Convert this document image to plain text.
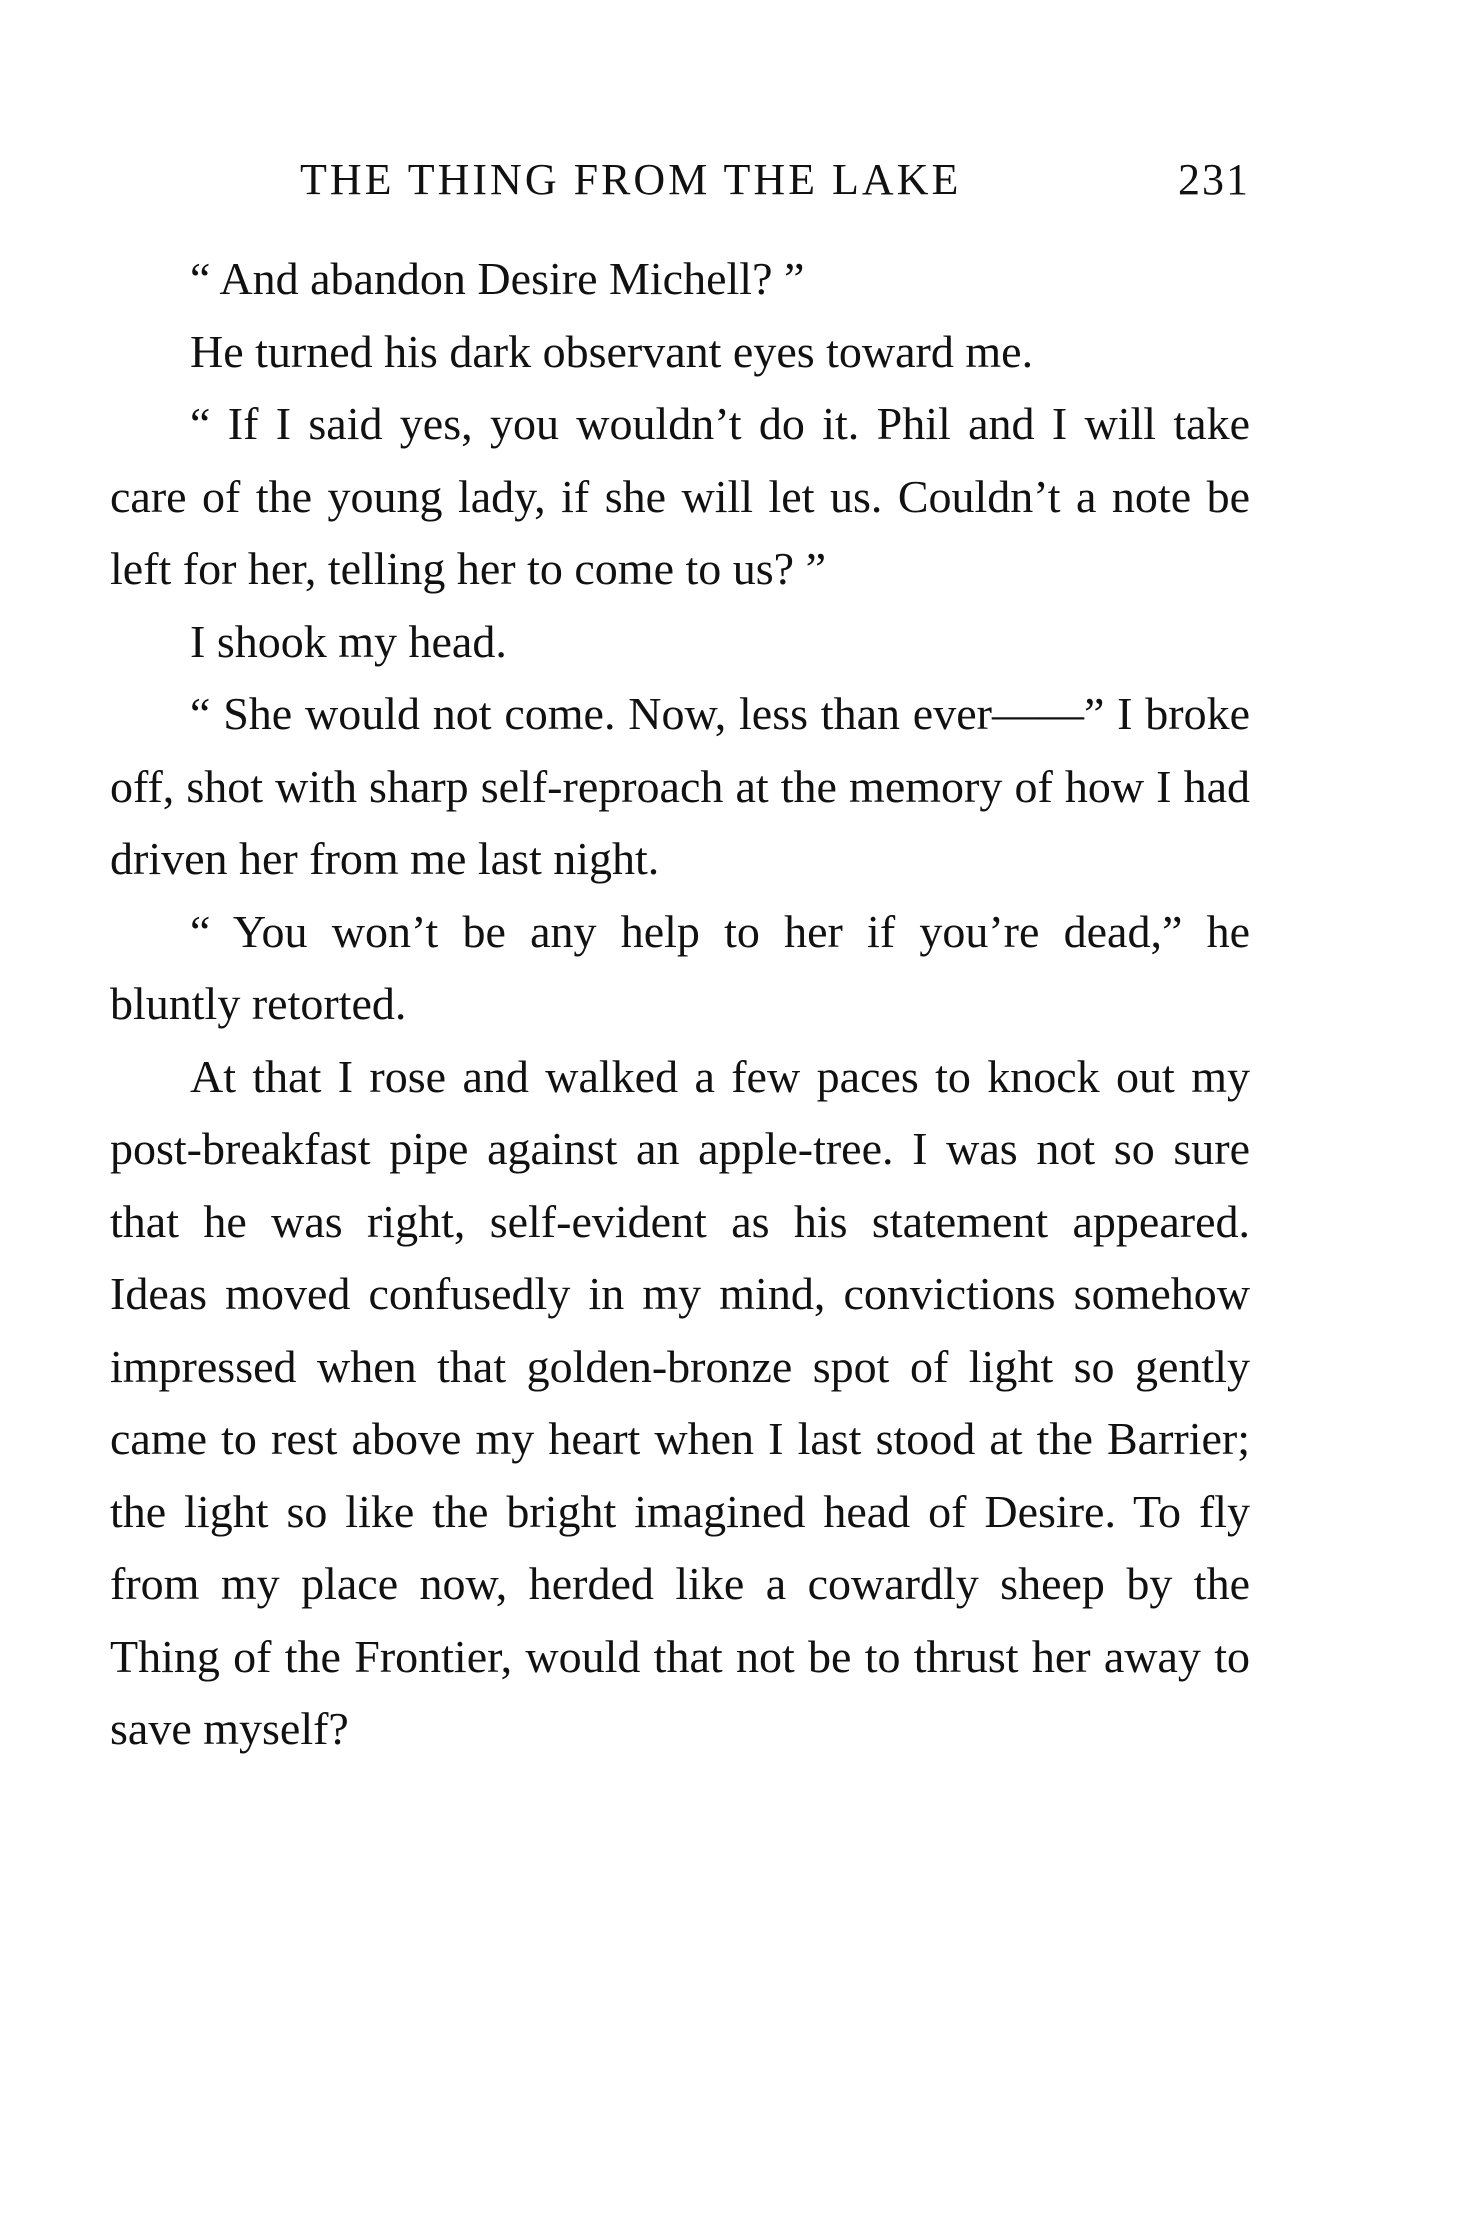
THE THING FROM THE LAKE	231

“ And abandon Desire Michell? ”

He turned his dark observant eyes toward me.

“ If I said yes, you wouldn’t do it. Phil and I will take care of the young lady, if she will let us. Couldn’t a note be left for her, telling her to come to us? ”

I shook my head.

“ She would not come. Now, less than ever——” I broke off, shot with sharp self-reproach at the memory of how I had driven her from me last night.

“ You won’t be any help to her if you’re dead,” he bluntly retorted.

At that I rose and walked a few paces to knock out my post-breakfast pipe against an apple-tree. I was not so sure that he was right, self-evident as his statement appeared. Ideas moved confusedly in my mind, convictions somehow impressed when that golden-bronze spot of light so gently came to rest above my heart when I last stood at the Barrier; the light so like the bright imagined head of Desire. To fly from my place now, herded like a cowardly sheep by the Thing of the Frontier, would that not be to thrust her away to save myself?
